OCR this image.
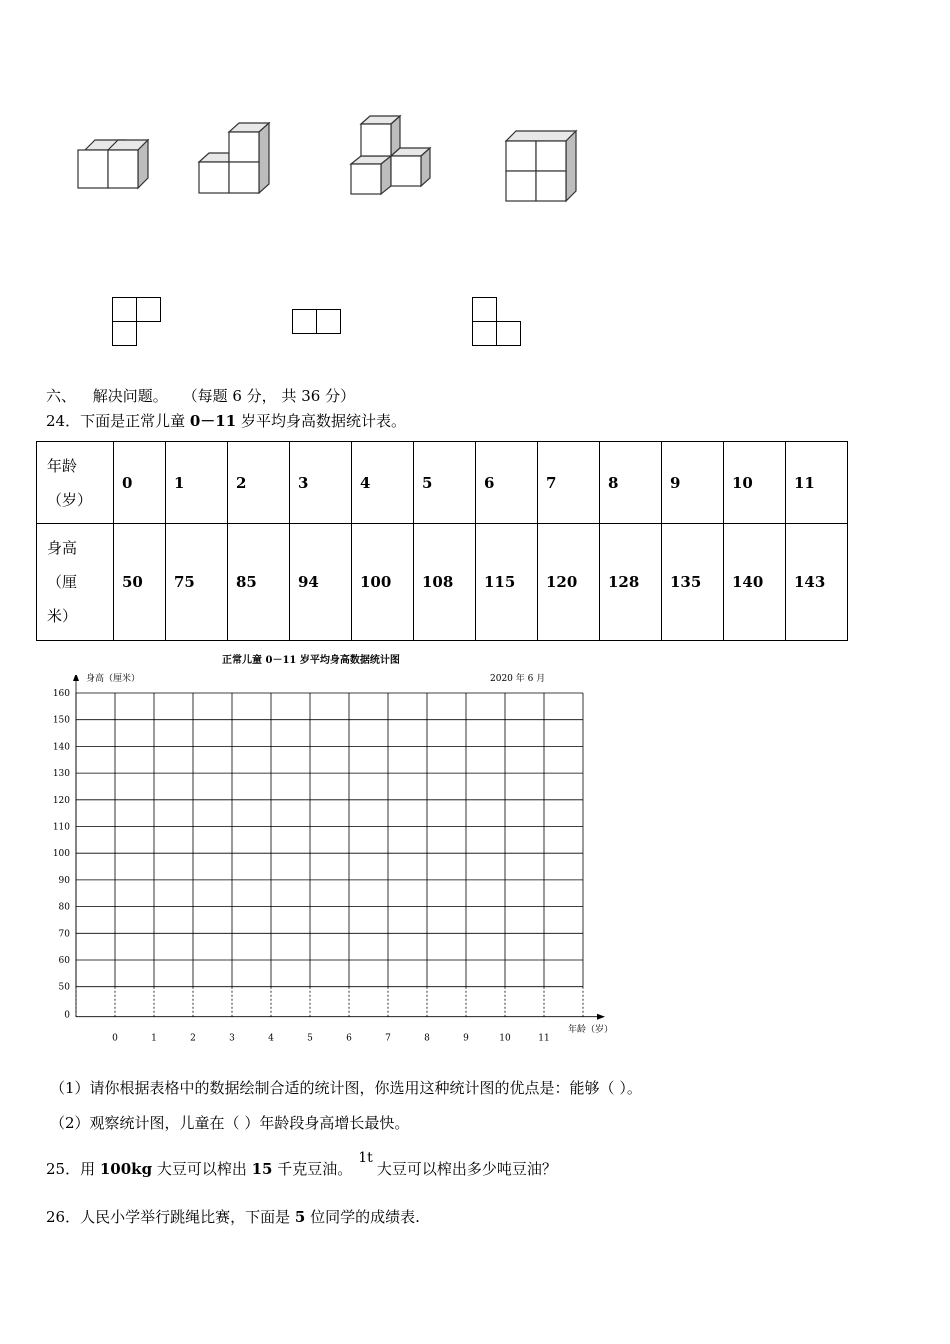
六、 解决问题。 （每题 6 分， 共 36 分）
24．下面是正常儿童 0－11 岁平均身高数据统计表。
年龄
（岁）	0	1	2	3	4	5	6	7	8	9	10	11

身高
（厘
米）	50	75	85	94	100	108	115	120	128	135	140	143
正常儿童 0－11 岁平均身高数据统计图
身高（厘米）	2020 年 6 月
年龄（岁）
160
150
140
130
120
110
100
90
80
70
60
50
0
0	1	2	3	4	5	6	7	8	9	10	11
（1）请你根据表格中的数据绘制合适的统计图，你选用这种统计图的优点是：能够（ ）。
（2）观察统计图，儿童在（ ）年龄段身高增长最快。
25．用 100kg 大豆可以榨出 15 千克豆油。1t大豆可以榨出多少吨豆油？
26．人民小学举行跳绳比赛，下面是 5 位同学的成绩表.
